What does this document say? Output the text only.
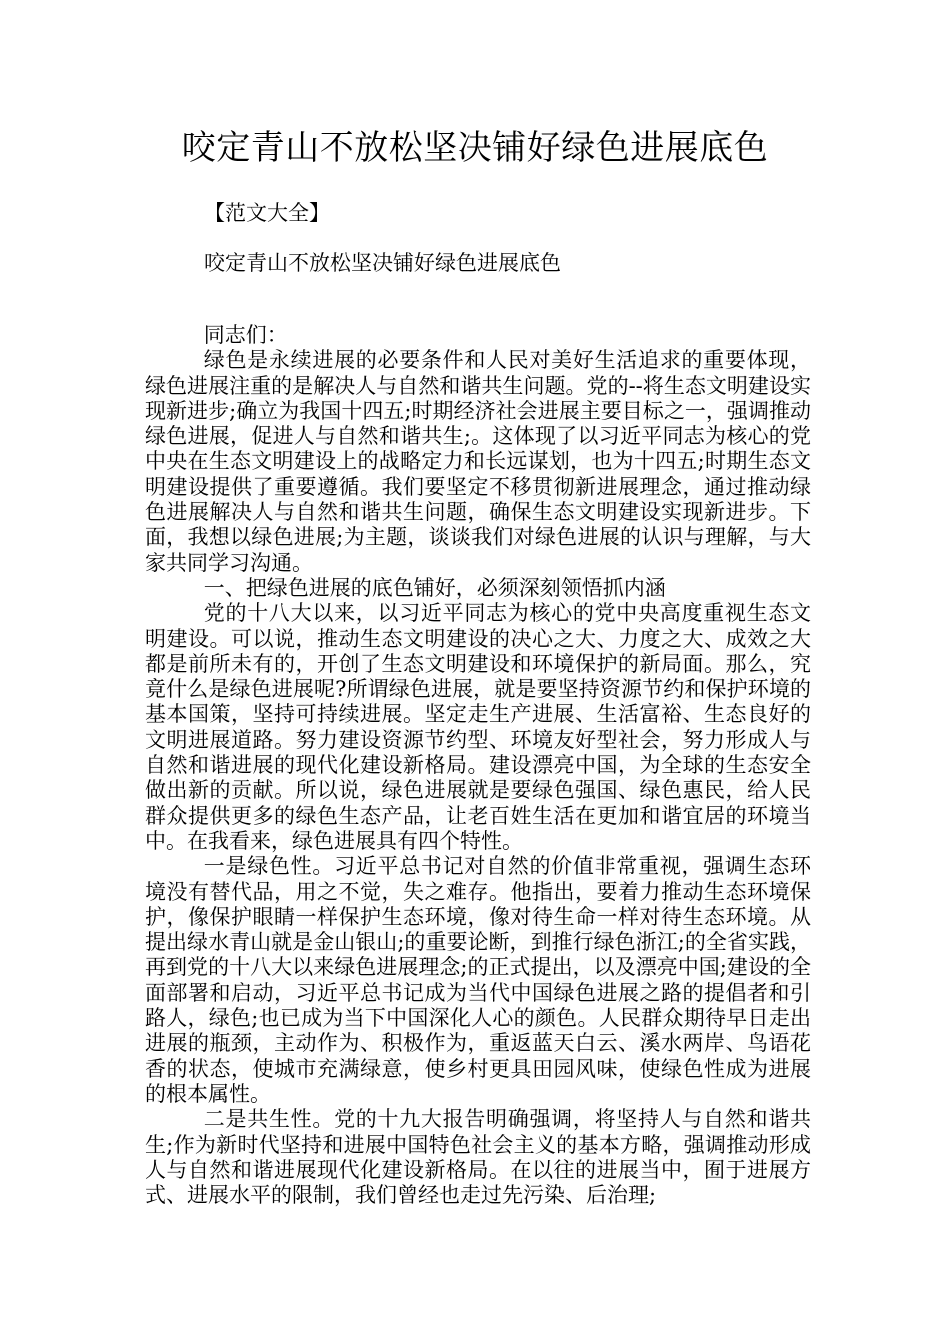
咬定青山不放松坚决铺好绿色进展底色
【范文大全】
咬定青山不放松坚决铺好绿色进展底色

同志们：

绿色是永续进展的必要条件和人民对美好生活追求的重要体现，绿色进展注重的是解决人与自然和谐共生问题。党的--将生态文明建设实现新进步;确立为我国十四五;时期经济社会进展主要目标之一，强调推动绿色进展，促进人与自然和谐共生;。这体现了以习近平同志为核心的党中央在生态文明建设上的战略定力和长远谋划，也为十四五;时期生态文明建设提供了重要遵循。我们要坚定不移贯彻新进展理念，通过推动绿色进展解决人与自然和谐共生问题，确保生态文明建设实现新进步。下面，我想以绿色进展;为主题，谈谈我们对绿色进展的认识与理解，与大家共同学习沟通。

一、把绿色进展的底色铺好，必须深刻领悟抓内涵

党的十八大以来，以习近平同志为核心的党中央高度重视生态文明建设。可以说，推动生态文明建设的决心之大、力度之大、成效之大都是前所未有的，开创了生态文明建设和环境保护的新局面。那么，究竟什么是绿色进展呢?所谓绿色进展，就是要坚持资源节约和保护环境的基本国策，坚持可持续进展。坚定走生产进展、生活富裕、生态良好的文明进展道路。努力建设资源节约型、环境友好型社会，努力形成人与自然和谐进展的现代化建设新格局。建设漂亮中国，为全球的生态安全做出新的贡献。所以说，绿色进展就是要绿色强国、绿色惠民，给人民群众提供更多的绿色生态产品，让老百姓生活在更加和谐宜居的环境当中。在我看来，绿色进展具有四个特性。

一是绿色性。习近平总书记对自然的价值非常重视，强调生态环境没有替代品，用之不觉，失之难存。他指出，要着力推动生态环境保护，像保护眼睛一样保护生态环境，像对待生命一样对待生态环境。从提出绿水青山就是金山银山;的重要论断，到推行绿色浙江;的全省实践，再到党的十八大以来绿色进展理念;的正式提出，以及漂亮中国;建设的全面部署和启动，习近平总书记成为当代中国绿色进展之路的提倡者和引路人，绿色;也已成为当下中国深化人心的颜色。人民群众期待早日走出进展的瓶颈，主动作为、积极作为，重返蓝天白云、溪水两岸、鸟语花香的状态，使城市充满绿意，使乡村更具田园风味，使绿色性成为进展的根本属性。

二是共生性。党的十九大报告明确强调，将坚持人与自然和谐共生;作为新时代坚持和进展中国特色社会主义的基本方略，强调推动形成人与自然和谐进展现代化建设新格局。在以往的进展当中，囿于进展方式、进展水平的限制，我们曾经也走过先污染、后治理;
